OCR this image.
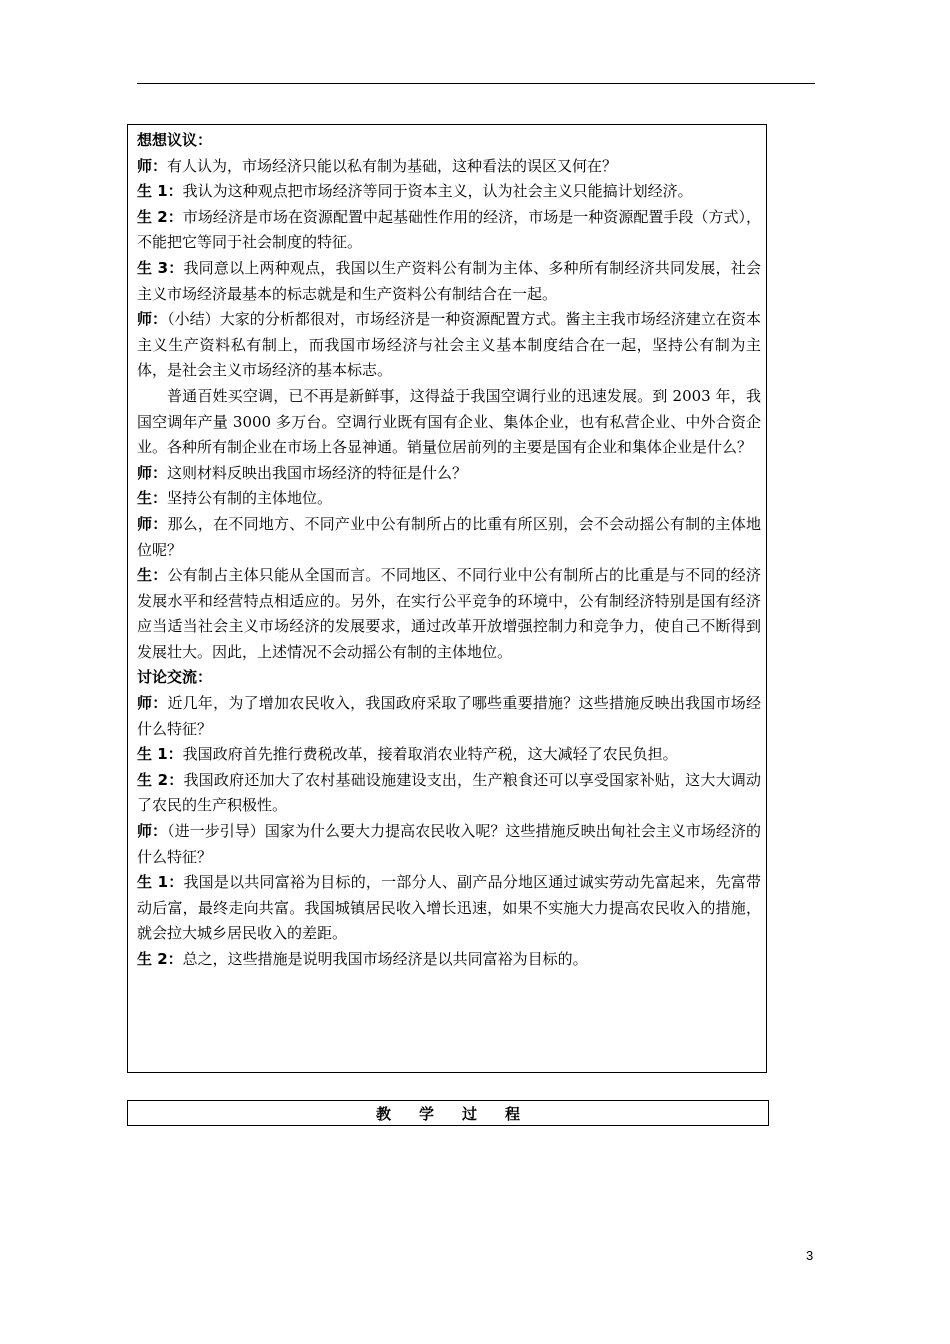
想想议议：

师：有人认为，市场经济只能以私有制为基础，这种看法的误区又何在？

生 1：我认为这种观点把市场经济等同于资本主义，认为社会主义只能搞计划经济。

生 2：市场经济是市场在资源配置中起基础性作用的经济，市场是一种资源配置手段（方式），不能把它等同于社会制度的特征。

生 3：我同意以上两种观点，我国以生产资料公有制为主体、多种所有制经济共同发展，社会主义市场经济最基本的标志就是和生产资料公有制结合在一起。

师：（小结）大家的分析都很对，市场经济是一种资源配置方式。酱主主我市场经济建立在资本主义生产资料私有制上，而我国市场经济与社会主义基本制度结合在一起，坚持公有制为主体，是社会主义市场经济的基本标志。

普通百姓买空调，已不再是新鲜事，这得益于我国空调行业的迅速发展。到 2003 年，我国空调年产量 3000 多万台。空调行业既有国有企业、集体企业，也有私营企业、中外合资企业。各种所有制企业在市场上各显神通。销量位居前列的主要是国有企业和集体企业是什么？

师：这则材料反映出我国市场经济的特征是什么？

生：坚持公有制的主体地位。

师：那么，在不同地方、不同产业中公有制所占的比重有所区别，会不会动摇公有制的主体地位呢？

生：公有制占主体只能从全国而言。不同地区、不同行业中公有制所占的比重是与不同的经济发展水平和经营特点相适应的。另外，在实行公平竞争的环境中，公有制经济特别是国有经济应当适当社会主义市场经济的发展要求，通过改革开放增强控制力和竞争力，使自己不断得到发展壮大。因此，上述情况不会动摇公有制的主体地位。

讨论交流：

师：近几年，为了增加农民收入，我国政府采取了哪些重要措施？这些措施反映出我国市场经什么特征？

生 1：我国政府首先推行费税改革，接着取消农业特产税，这大减轻了农民负担。

生 2：我国政府还加大了农村基础设施建设支出，生产粮食还可以享受国家补贴，这大大调动了农民的生产积极性。

师：（进一步引导）国家为什么要大力提高农民收入呢？这些措施反映出甸社会主义市场经济的什么特征？

生 1：我国是以共同富裕为目标的，一部分人、副产品分地区通过诚实劳动先富起来，先富带动后富，最终走向共富。我国城镇居民收入增长迅速，如果不实施大力提高农民收入的措施，就会拉大城乡居民收入的差距。

生 2：总之，这些措施是说明我国市场经济是以共同富裕为目标的。

教 学 过 程
3
